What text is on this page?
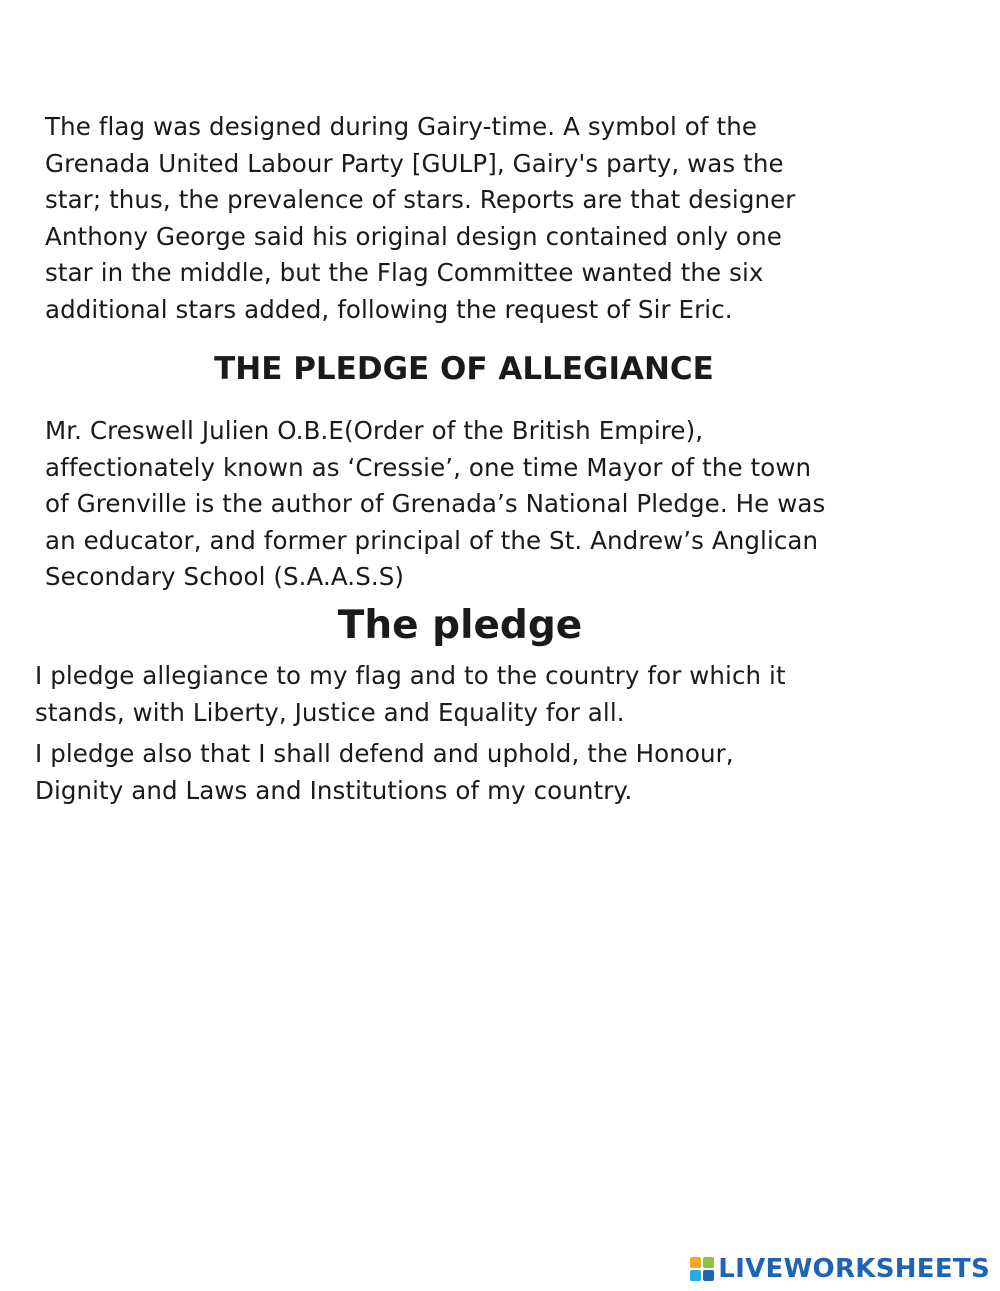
The flag was designed during Gairy-time. A symbol of the
Grenada United Labour Party [GULP], Gairy's party, was the
star; thus, the prevalence of stars. Reports are that designer
Anthony George said his original design contained only one
star in the middle, but the Flag Committee wanted the six
additional stars added, following the request of Sir Eric.
THE PLEDGE OF ALLEGIANCE
Mr. Creswell Julien O.B.E(Order of the British Empire),
affectionately known as ‘Cressie’, one time Mayor of the town
of Grenville is the author of Grenada’s National Pledge. He was
an educator, and former principal of the St. Andrew’s Anglican
Secondary School (S.A.A.S.S)
The pledge
I pledge allegiance to my flag and to the country for which it
stands, with Liberty, Justice and Equality for all.
I pledge also that I shall defend and uphold, the Honour,
Dignity and Laws and Institutions of my country.
LIVEWORKSHEETS
